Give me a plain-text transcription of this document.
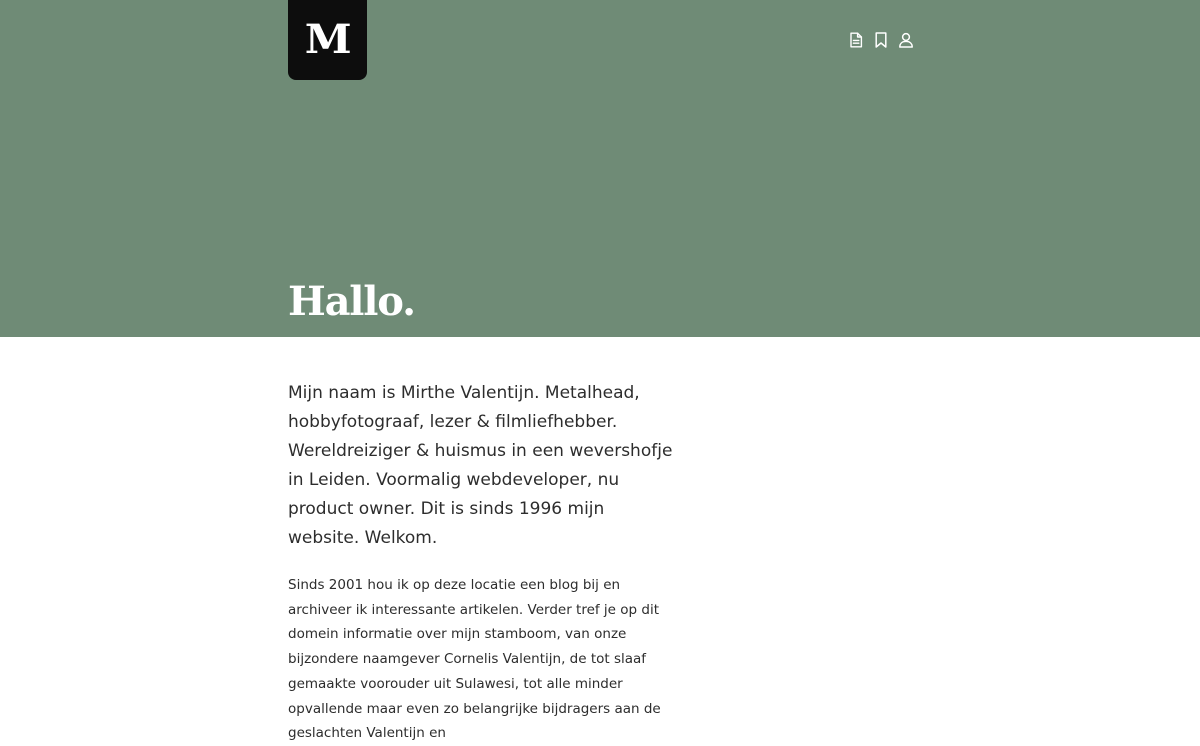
M
Hallo.

Mijn naam is Mirthe Valentijn. Metalhead, hobbyfotograaf, lezer & filmliefhebber. Wereldreiziger & huismus in een wevershofje in Leiden. Voormalig webdeveloper, nu product owner. Dit is sinds 1996 mijn website. Welkom.

Sinds 2001 hou ik op deze locatie een blog bij en archiveer ik interessante artikelen. Verder tref je op dit domein informatie over mijn stamboom, van onze bijzondere naamgever Cornelis Valentijn, de tot slaaf gemaakte voorouder uit Sulawesi, tot alle minder opvallende maar even zo belangrijke bijdragers aan de geslachten Valentijn en
